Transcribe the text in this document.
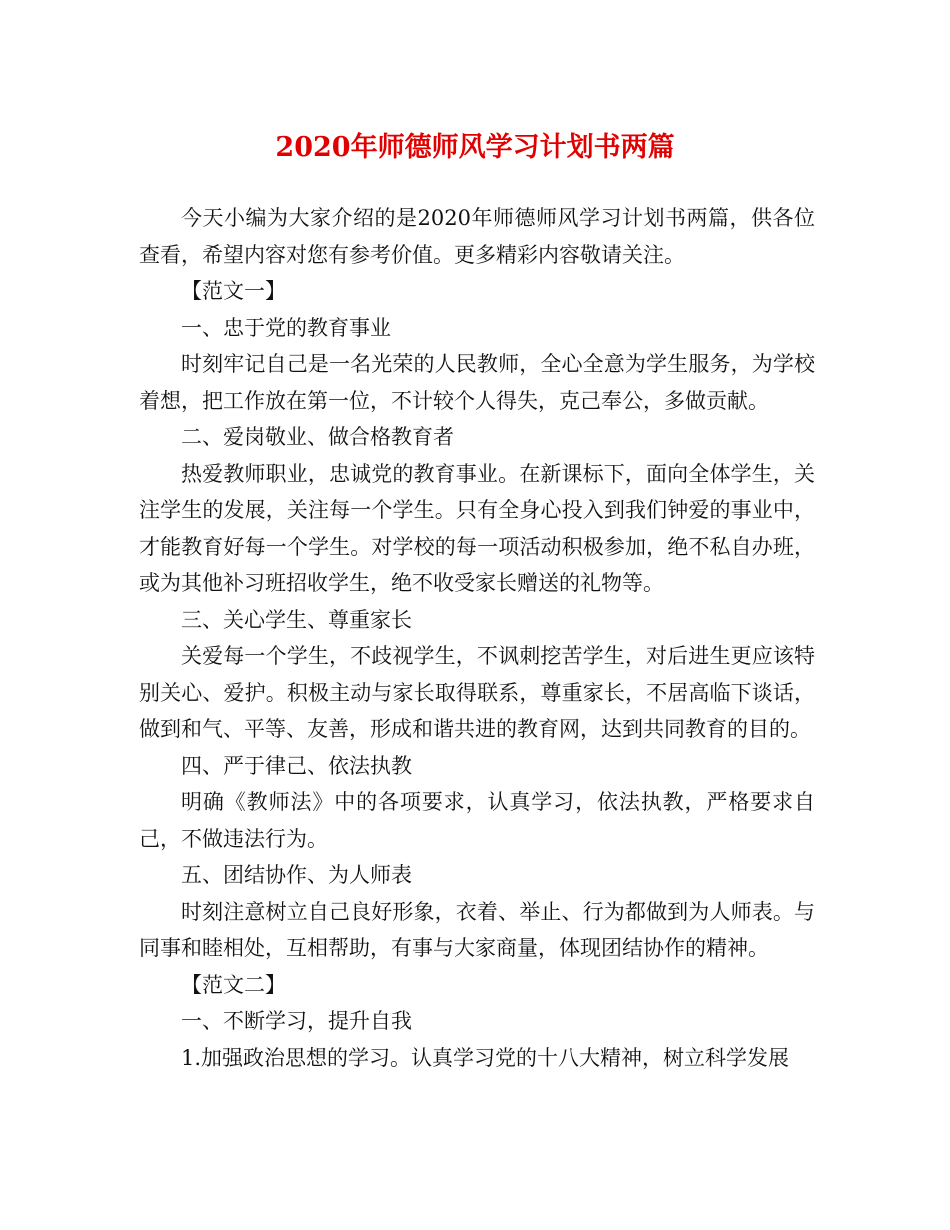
2020年师德师风学习计划书两篇

今天小编为大家介绍的是2020年师德师风学习计划书两篇，供各位查看，希望内容对您有参考价值。更多精彩内容敬请关注。

【范文一】

一、忠于党的教育事业

时刻牢记自己是一名光荣的人民教师，全心全意为学生服务，为学校着想，把工作放在第一位，不计较个人得失，克己奉公，多做贡献。

二、爱岗敬业、做合格教育者

热爱教师职业，忠诚党的教育事业。在新课标下，面向全体学生，关注学生的发展，关注每一个学生。只有全身心投入到我们钟爱的事业中，才能教育好每一个学生。对学校的每一项活动积极参加，绝不私自办班，或为其他补习班招收学生，绝不收受家长赠送的礼物等。

三、关心学生、尊重家长

关爱每一个学生，不歧视学生，不讽刺挖苦学生，对后进生更应该特别关心、爱护。积极主动与家长取得联系，尊重家长，不居高临下谈话，做到和气、平等、友善，形成和谐共进的教育网，达到共同教育的目的。

四、严于律己、依法执教

明确《教师法》中的各项要求，认真学习，依法执教，严格要求自己，不做违法行为。

五、团结协作、为人师表

时刻注意树立自己良好形象，衣着、举止、行为都做到为人师表。与同事和睦相处，互相帮助，有事与大家商量，体现团结协作的精神。

【范文二】

一、不断学习，提升自我

1.加强政治思想的学习。认真学习党的十八大精神，树立科学发展
